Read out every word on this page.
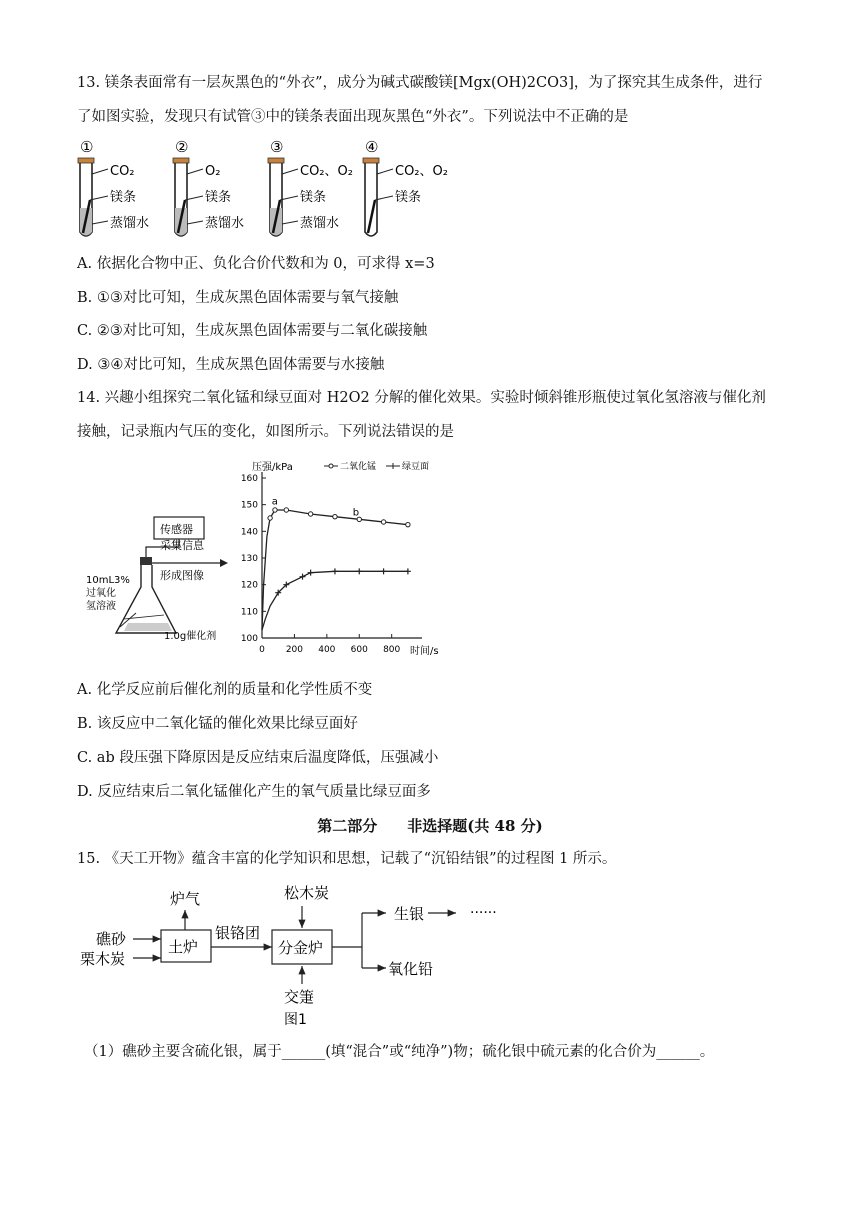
13. 镁条表面常有一层灰黑色的“外衣”，成分为碱式碳酸镁[Mgx(OH)2CO3]，为了探究其生成条件，进行
了如图实验，发现只有试管③中的镁条表面出现灰黑色“外衣”。下列说法中不正确的是
①
CO₂
镁条
蒸馏水
②
O₂
镁条
蒸馏水
③
CO₂、O₂
镁条
蒸馏水
④
CO₂、O₂
镁条
A. 依据化合物中正、负化合价代数和为 0，可求得 x=3
B. ①③对比可知，生成灰黑色固体需要与氧气接触
C. ②③对比可知，生成灰黑色固体需要与二氧化碳接触
D. ③④对比可知，生成灰黑色固体需要与水接触
14. 兴趣小组探究二氧化锰和绿豆面对 H2O2 分解的催化效果。实验时倾斜锥形瓶使过氧化氢溶液与催化剂
接触，记录瓶内气压的变化，如图所示。下列说法错误的是
传感器
10mL3%
过氧化
氢溶液
1.0g催化剂
采集信息
形成图像
压强/kPa
时间/s
100
110
120
130
140
150
160
0 200 400 600 800
二氧化锰	绿豆面
a
b
A. 化学反应前后催化剂的质量和化学性质不变
B. 该反应中二氧化锰的催化效果比绿豆面好
C. ab 段压强下降原因是反应结束后温度降低，压强减小
D. 反应结束后二氧化锰催化产生的氧气质量比绿豆面多
第二部分　　非选择题(共 48 分)
15. 《天工开物》蕴含丰富的化学知识和思想，记载了“沉铅结银”的过程图 1 所示。
炉气
土炉
礁砂
栗木炭
银铬团
松木炭
分金炉
交箑
图1
生银	······
氧化铅
（1）礁砂主要含硫化银，属于______(填“混合”或“纯净”)物；硫化银中硫元素的化合价为______。
